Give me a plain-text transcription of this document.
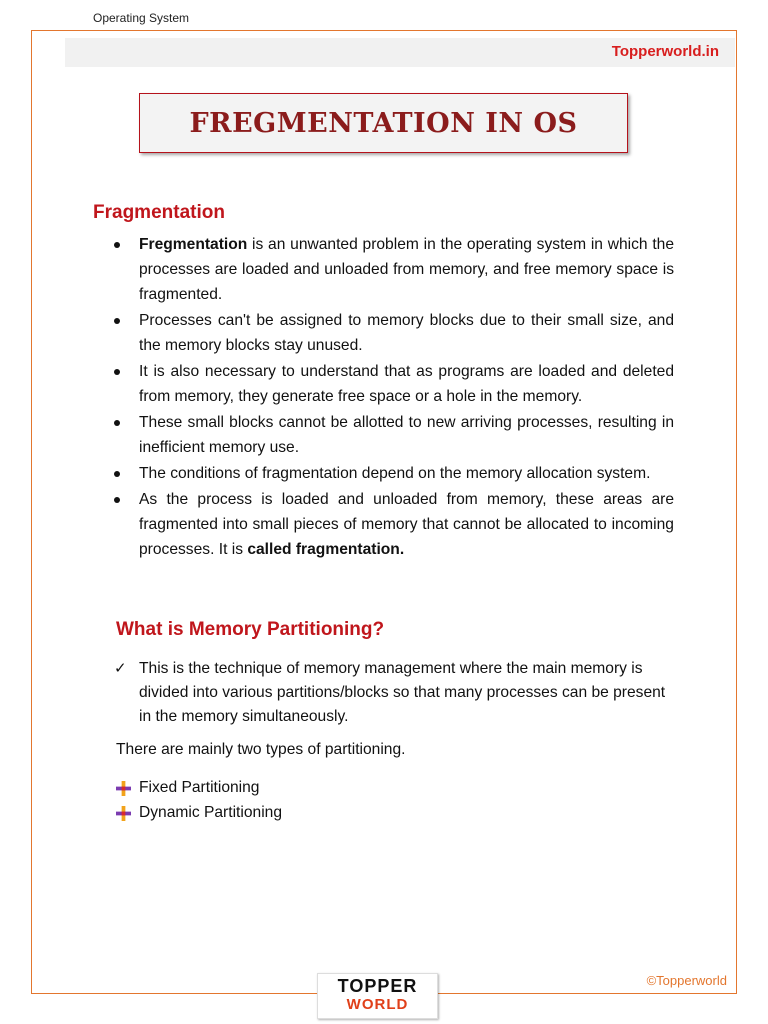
Operating System
Topperworld.in
FREGMENTATION IN OS
Fragmentation
Fregmentation is an unwanted problem in the operating system in which the processes are loaded and unloaded from memory, and free memory space is fragmented.
Processes can't be assigned to memory blocks due to their small size, and the memory blocks stay unused.
It is also necessary to understand that as programs are loaded and deleted from memory, they generate free space or a hole in the memory.
These small blocks cannot be allotted to new arriving processes, resulting in inefficient memory use.
The conditions of fragmentation depend on the memory allocation system.
As the process is loaded and unloaded from memory, these areas are fragmented into small pieces of memory that cannot be allocated to incoming processes. It is called fragmentation.
What is Memory Partitioning?
✓ This is the technique of memory management where the main memory is divided into various partitions/blocks so that many processes can be present in the memory simultaneously.
There are mainly two types of partitioning.
Fixed Partitioning
Dynamic Partitioning
TOPPER
WORLD
©Topperworld
